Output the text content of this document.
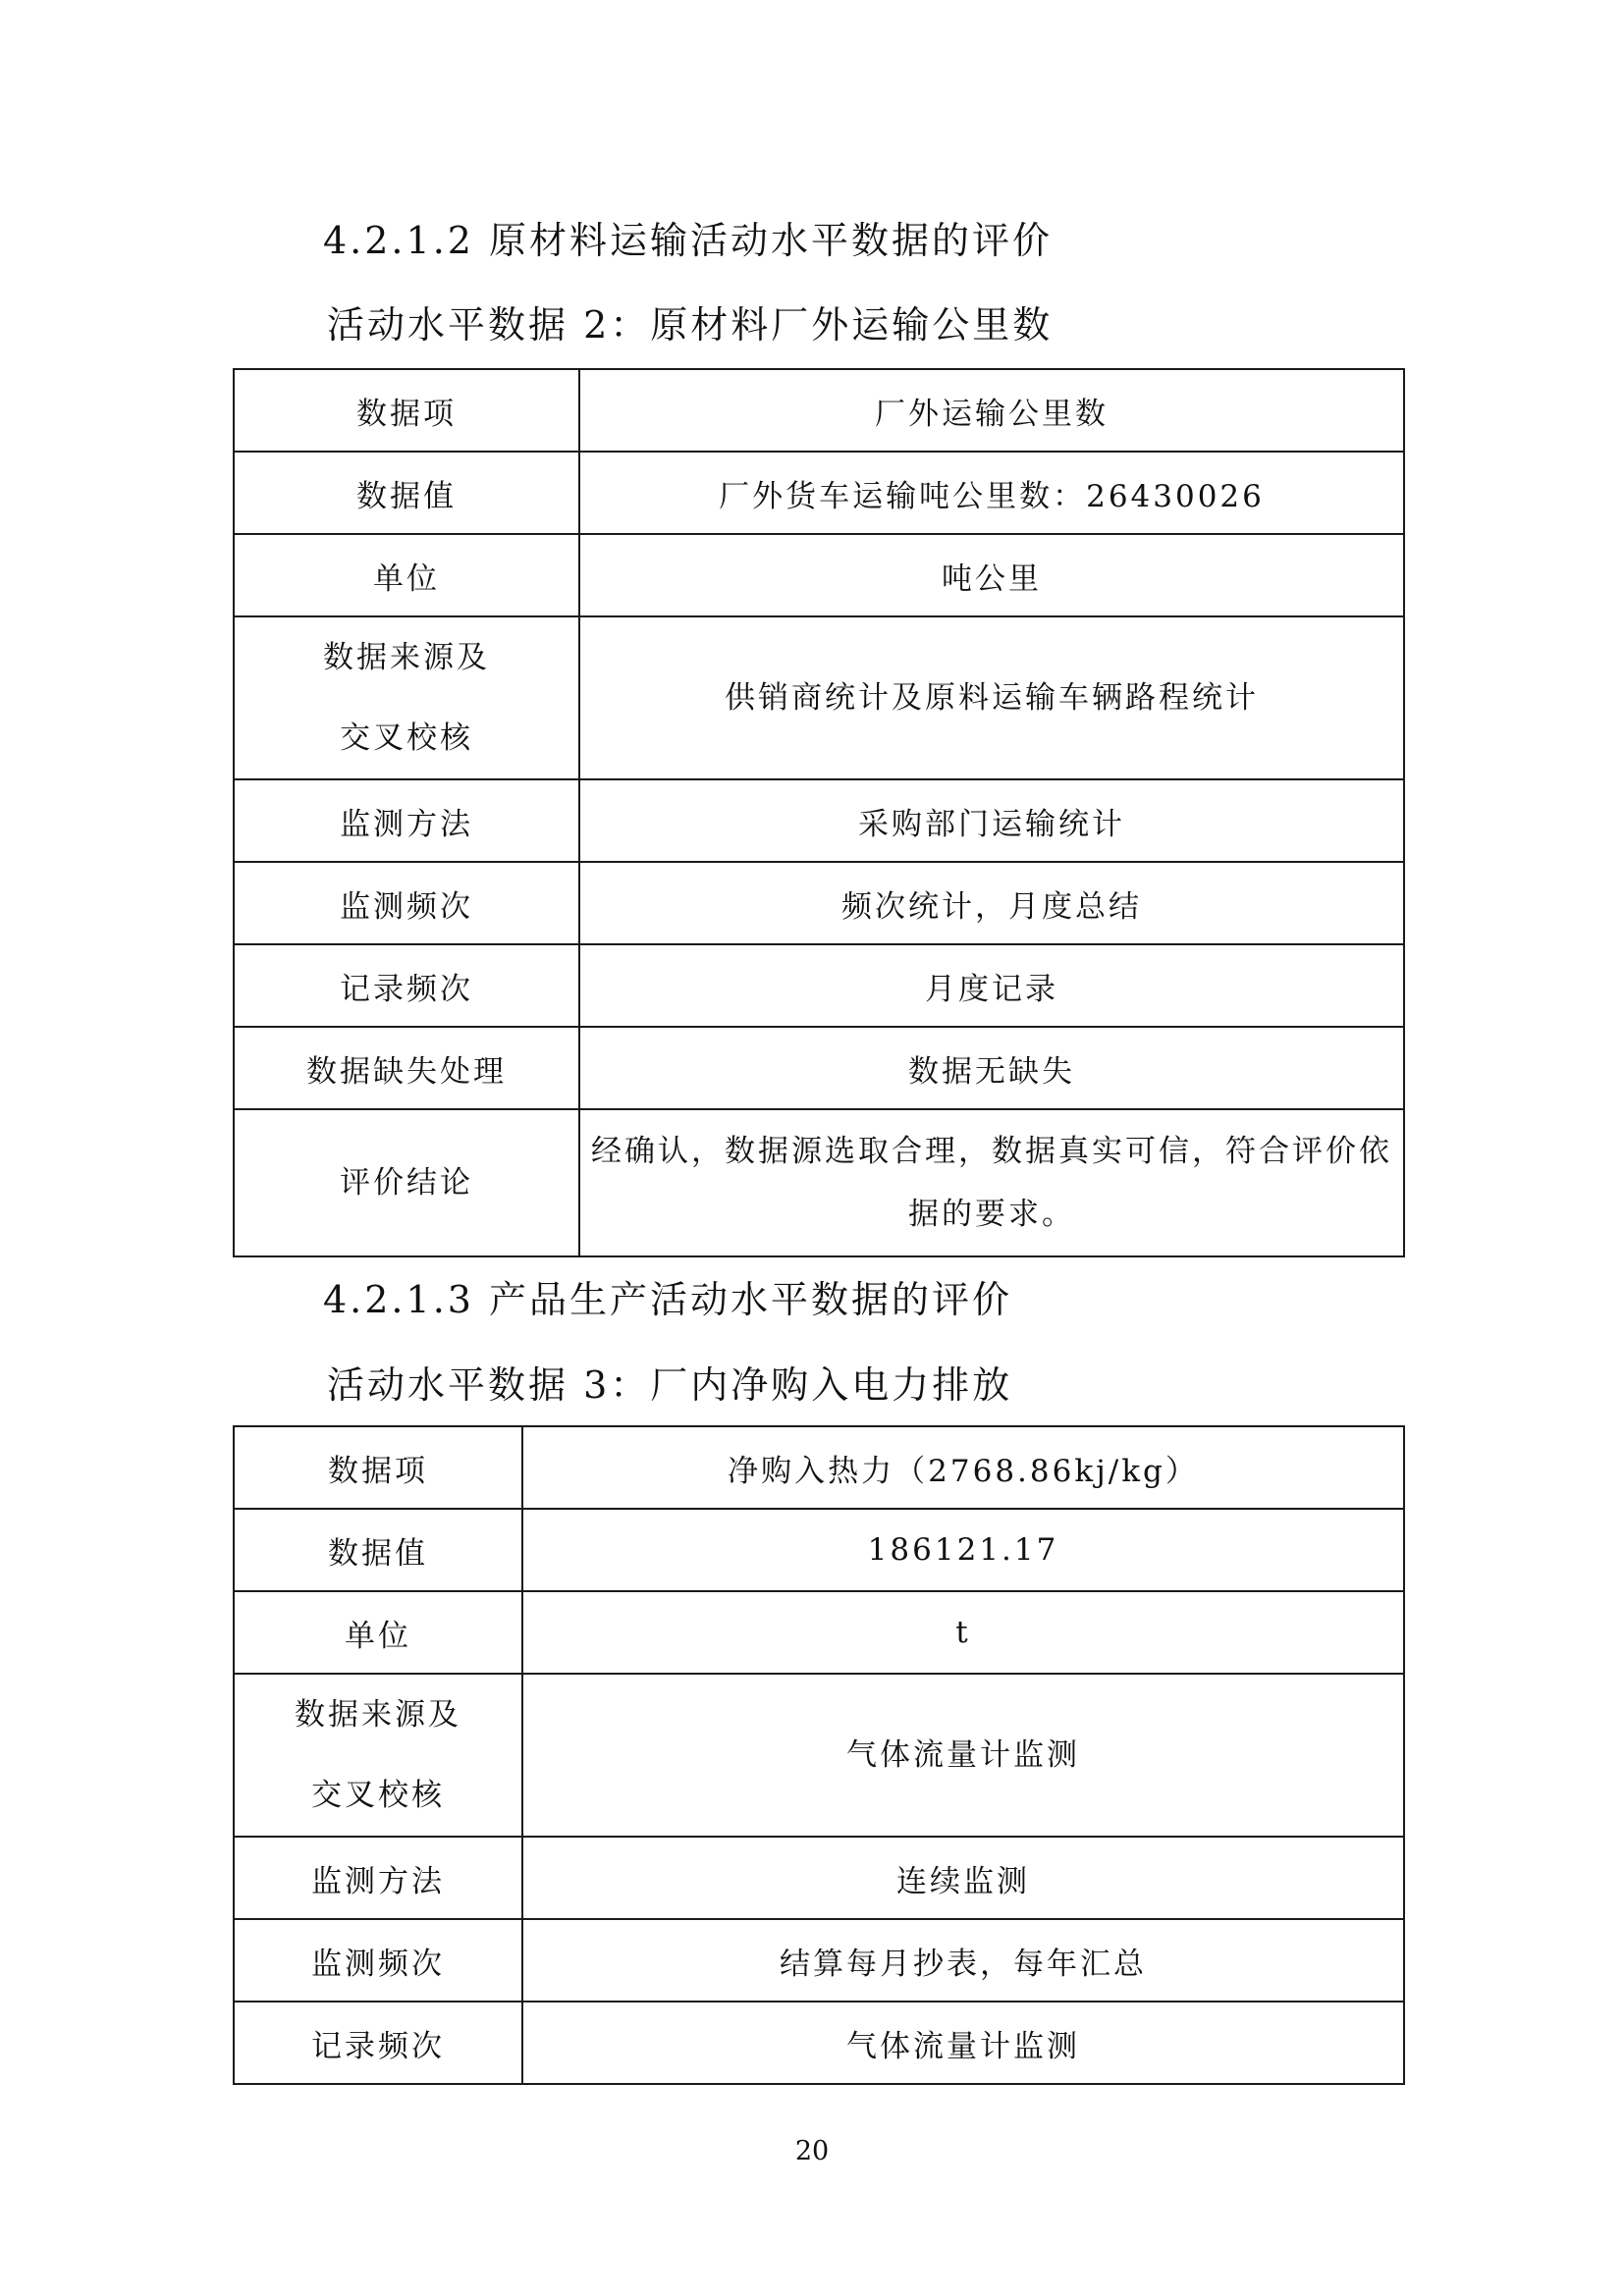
4.2.1.2 原材料运输活动水平数据的评价
活动水平数据 2：原材料厂外运输公里数
数据项	厂外运输公里数
数据值	厂外货车运输吨公里数：26430026
单位	吨公里

数据来源及
交叉校核	供销商统计及原料运输车辆路程统计
监测方法	采购部门运输统计
监测频次	频次统计，月度总结
记录频次	月度记录
数据缺失处理	数据无缺失
评价结论	经确认，数据源选取合理，数据真实可信，符合评价依
据的要求。
4.2.1.3 产品生产活动水平数据的评价
活动水平数据 3：厂内净购入电力排放
数据项	净购入热力（2768.86kj/kg）
数据值	186121.17
单位	t

数据来源及
交叉校核	气体流量计监测
监测方法	连续监测
监测频次	结算每月抄表，每年汇总
记录频次	气体流量计监测
20
